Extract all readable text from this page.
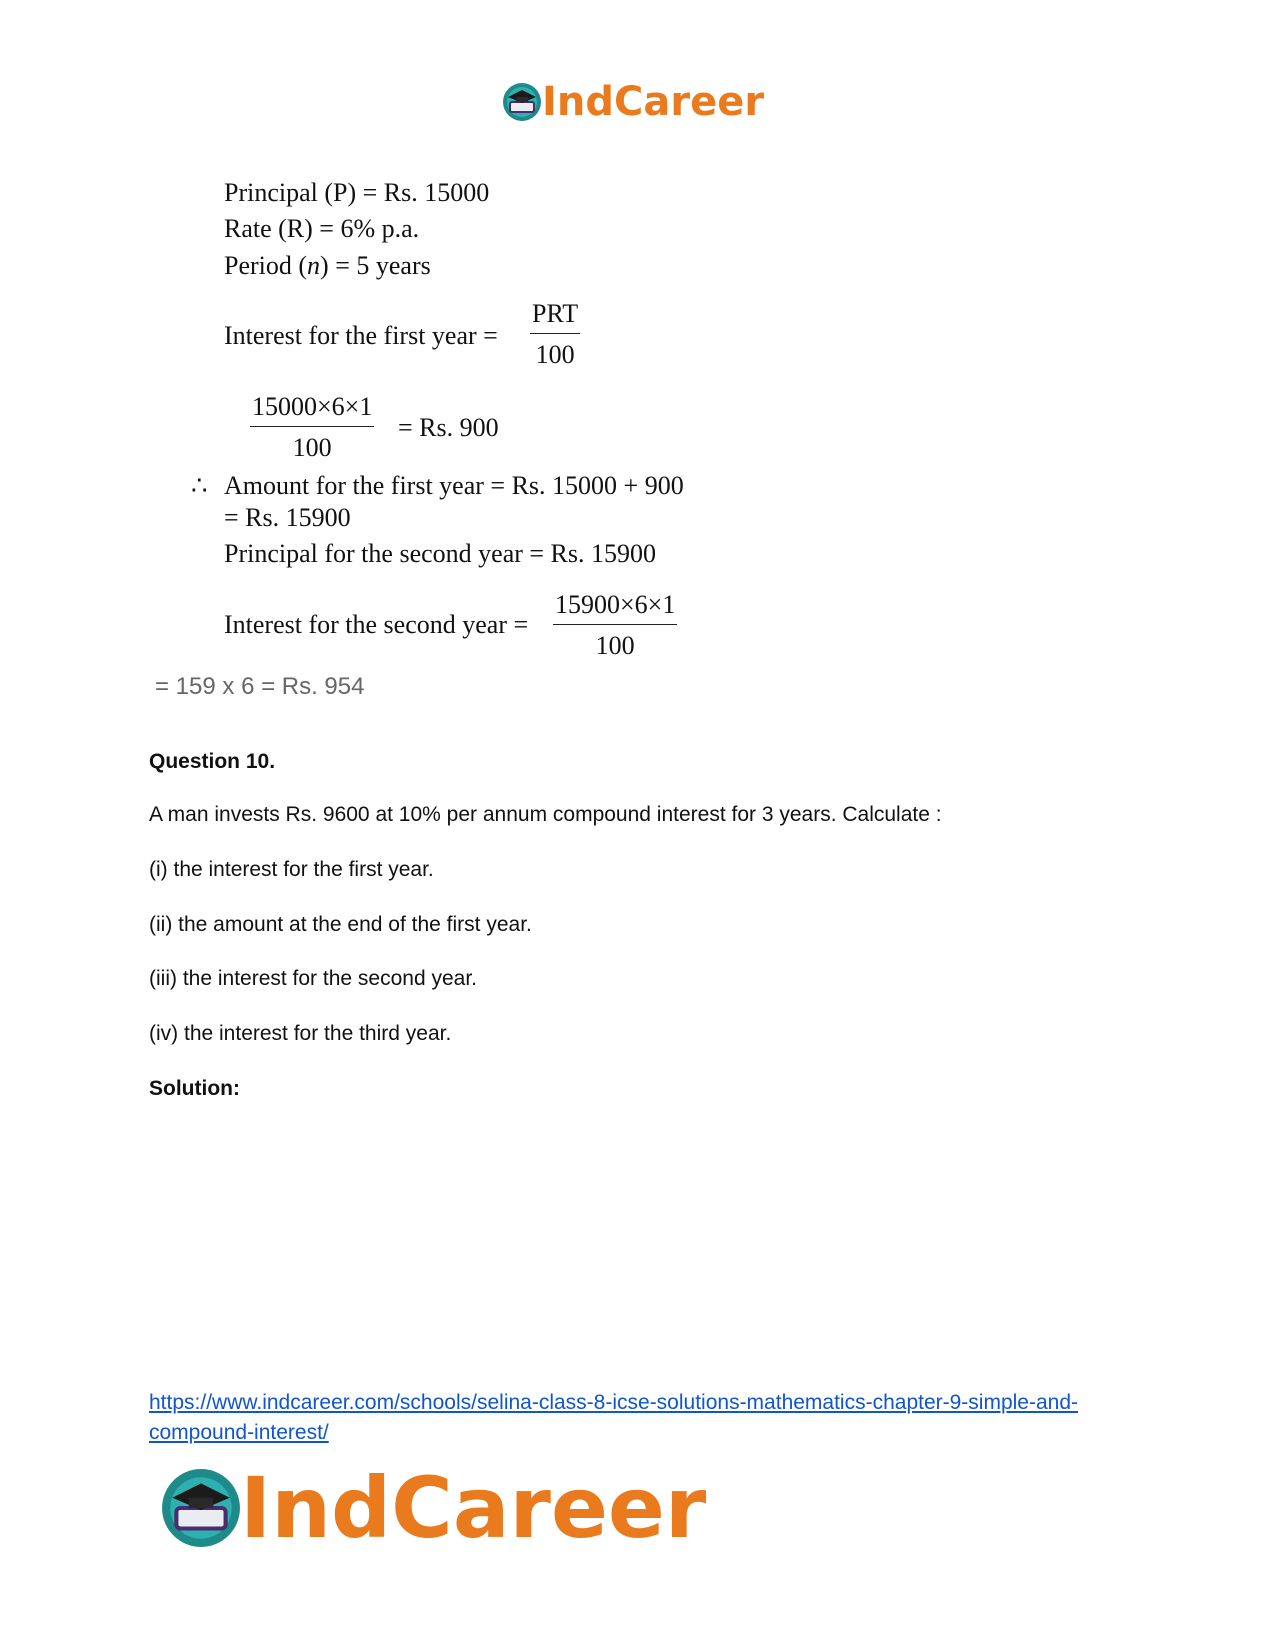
IndCareer
Principal (P) = Rs. 15000
Rate (R) = 6% p.a.
Period (n) = 5 years
Interest for the first year =
PRT
100
$\frac{15000\times 6\times 1}{100} = Rs$. 900
∴ Amount for the first year = Rs. 15000 + 900
= Rs. 15900
Principal for the second year = Rs. 15900
Interest for the second year = $\frac{15900\times 6\times 1}{100}$
= 159 x 6 = Rs. 954
Question 10.
A man invests Rs. 9600 at 10% per annum compound interest for 3 years. Calculate :
(i) the interest for the first year.
(ii) the amount at the end of the first year.
(iii) the interest for the second year.
(iv) the interest for the third year.
Solution:
https://www.indcareer.com/schools/selina-class-8-icse-solutions-mathematics-chapter-9-simple-and-compound-interest/
IndCareer
